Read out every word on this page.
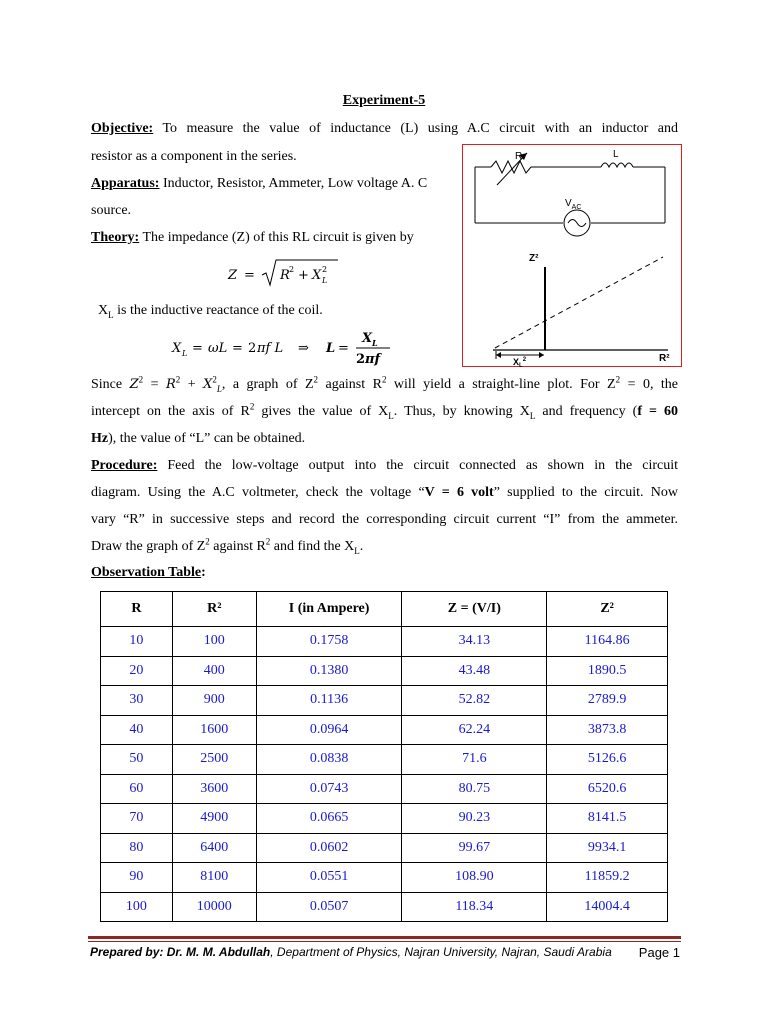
Experiment-5
Objective: To measure the value of inductance (L) using A.C circuit with an inductor and
resistor as a component in the series.
Apparatus: Inductor, Resistor, Ammeter, Low voltage A. C
source.
Theory: The impedance (Z) of this RL circuit is given by
Z = R 2 + X 2
L
$X_L$ is the inductive reactance of the coil.
X L = ωL = 2 πf L ⇒ L =
X L
2 πf
R	L
$V_{AC}$
Z²
R²
$X_L^2$
Since $Z^2 = R^2 + X^2_L$, a graph of $Z^2$ against $R^2$ will yield a straight-line plot. For $Z^2 = 0$, the
intercept on the axis of $R^2$ gives the value of $X_L$. Thus, by knowing $X_L$ and frequency (f = 60
Hz), the value of “L” can be obtained.
Procedure: Feed the low-voltage output into the circuit connected as shown in the circuit
diagram. Using the A.C voltmeter, check the voltage “V = 6 volt” supplied to the circuit. Now
vary “R” in successive steps and record the corresponding circuit current “I” from the ammeter.
Draw the graph of $Z^2$ against $R^2$ and find the $X_L$.
Observation Table:
R	R²	I (in Ampere)	Z = (V/I)	Z²
10	100	0.1758	34.13	1164.86
20	400	0.1380	43.48	1890.5
30	900	0.1136	52.82	2789.9
40	1600	0.0964	62.24	3873.8
50	2500	0.0838	71.6	5126.6
60	3600	0.0743	80.75	6520.6
70	4900	0.0665	90.23	8141.5
80	6400	0.0602	99.67	9934.1
90	8100	0.0551	108.90	11859.2
100	10000	0.0507	118.34	14004.4
Prepared by: Dr. M. M. Abdullah, Department of Physics, Najran University, Najran, Saudi Arabia Page 1
